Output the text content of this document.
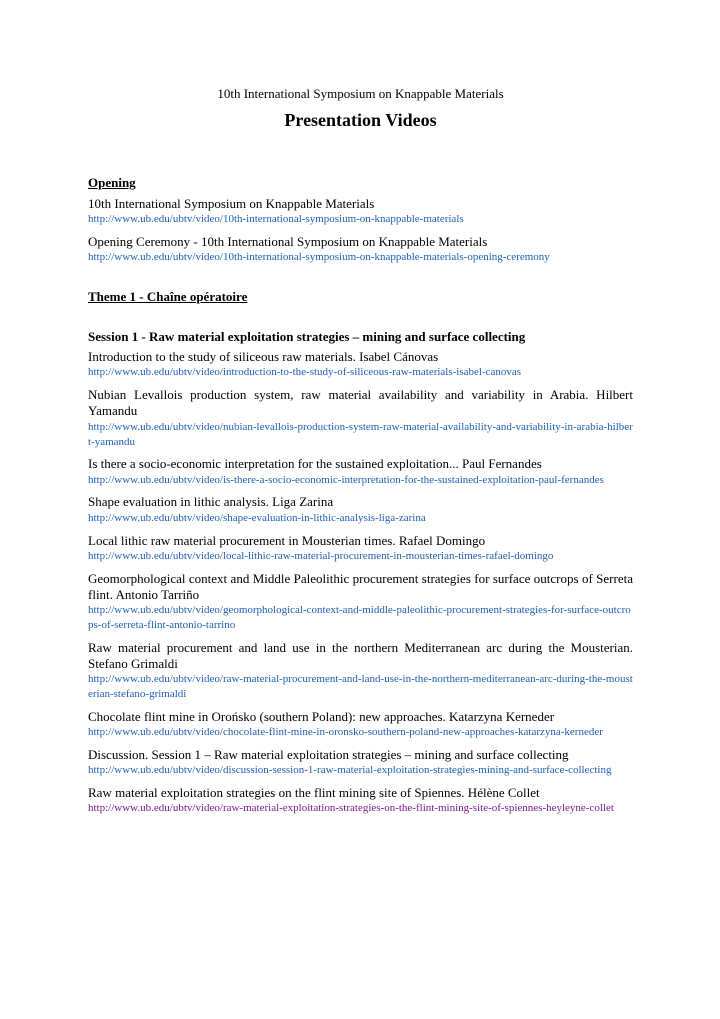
10th International Symposium on Knappable Materials
Presentation Videos
Opening
10th International Symposium on Knappable Materials
http://www.ub.edu/ubtv/video/10th-international-symposium-on-knappable-materials
Opening Ceremony - 10th International Symposium on Knappable Materials
http://www.ub.edu/ubtv/video/10th-international-symposium-on-knappable-materials-opening-ceremony
Theme 1 - Chaîne opératoire
Session 1 - Raw material exploitation strategies – mining and surface collecting
Introduction to the study of siliceous raw materials. Isabel Cánovas
http://www.ub.edu/ubtv/video/introduction-to-the-study-of-siliceous-raw-materials-isabel-canovas
Nubian Levallois production system, raw material availability and variability in Arabia. Hilbert Yamandu
http://www.ub.edu/ubtv/video/nubian-levallois-production-system-raw-material-availability-and-variability-in-arabia-hilbert-yamandu
Is there a socio-economic interpretation for the sustained exploitation... Paul Fernandes
http://www.ub.edu/ubtv/video/is-there-a-socio-economic-interpretation-for-the-sustained-exploitation-paul-fernandes
Shape evaluation in lithic analysis. Liga Zarina
http://www.ub.edu/ubtv/video/shape-evaluation-in-lithic-analysis-liga-zarina
Local lithic raw material procurement in Mousterian times. Rafael Domingo
http://www.ub.edu/ubtv/video/local-lithic-raw-material-procurement-in-mousterian-times-rafael-domingo
Geomorphological context and Middle Paleolithic procurement strategies for surface outcrops of Serreta flint. Antonio Tarriño
http://www.ub.edu/ubtv/video/geomorphological-context-and-middle-paleolithic-procurement-strategies-for-surface-outcrops-of-serreta-flint-antonio-tarrino
Raw material procurement and land use in the northern Mediterranean arc during the Mousterian. Stefano Grimaldi
http://www.ub.edu/ubtv/video/raw-material-procurement-and-land-use-in-the-northern-mediterranean-arc-during-the-mousterian-stefano-grimaldi
Chocolate flint mine in Orońsko (southern Poland): new approaches. Katarzyna Kerneder
http://www.ub.edu/ubtv/video/chocolate-flint-mine-in-oronsko-southern-poland-new-approaches-katarzyna-kerneder
Discussion. Session 1 – Raw material exploitation strategies – mining and surface collecting
http://www.ub.edu/ubtv/video/discussion-session-1-raw-material-exploitation-strategies-mining-and-surface-collecting
Raw material exploitation strategies on the flint mining site of Spiennes. Hélène Collet
http://www.ub.edu/ubtv/video/raw-material-exploitation-strategies-on-the-flint-mining-site-of-spiennes-heyleyne-collet
